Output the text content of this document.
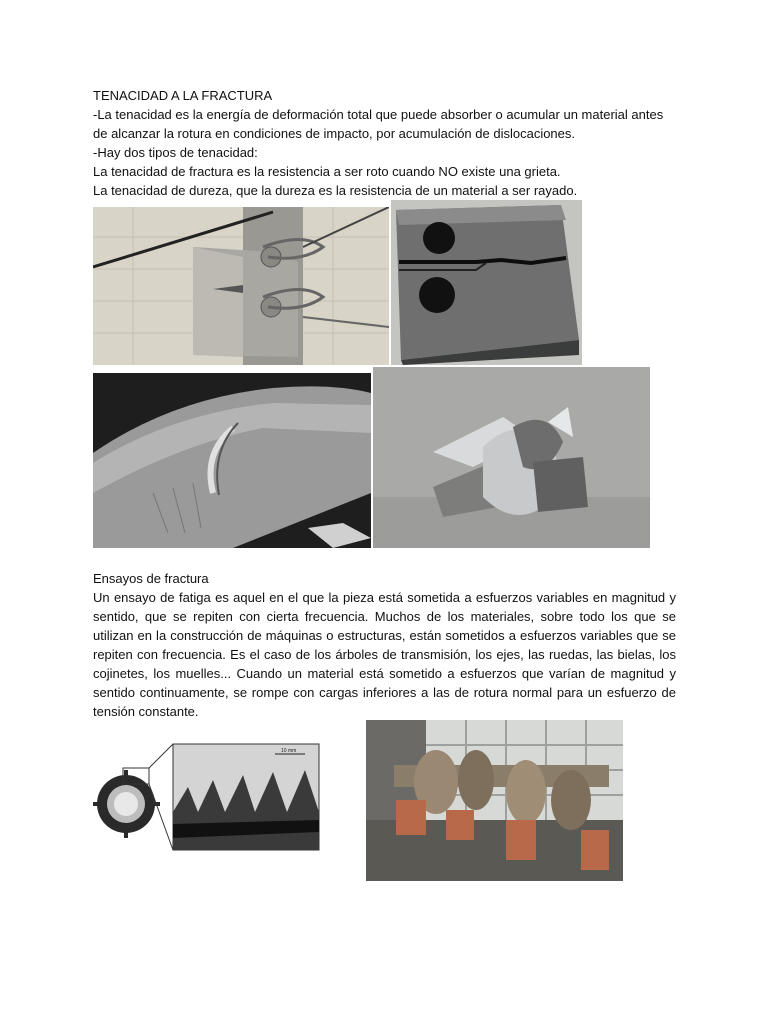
TENACIDAD A LA FRACTURA

-La tenacidad es la energía de deformación total que puede absorber o acumular un material antes de alcanzar la rotura en condiciones de impacto, por acumulación de dislocaciones.

-Hay dos tipos de tenacidad:

La tenacidad de fractura es la resistencia a ser roto cuando NO existe una grieta.

La tenacidad de dureza, que la dureza es la resistencia de un material a ser rayado.

Ensayos de fractura

Un ensayo de fatiga es aquel en el que la pieza está sometida a esfuerzos variables en magnitud y sentido, que se repiten con cierta frecuencia. Muchos de los materiales, sobre todo los que se utilizan en la construcción de máquinas o estructuras, están sometidos a esfuerzos variables que se repiten con frecuencia. Es el caso de los árboles de transmisión, los ejes, las ruedas, las bielas, los cojinetes, los muelles... Cuando un material está sometido a esfuerzos que varían de magnitud y sentido continuamente, se rompe con cargas inferiores a las de rotura normal para un esfuerzo de tensión constante.

10 mm
